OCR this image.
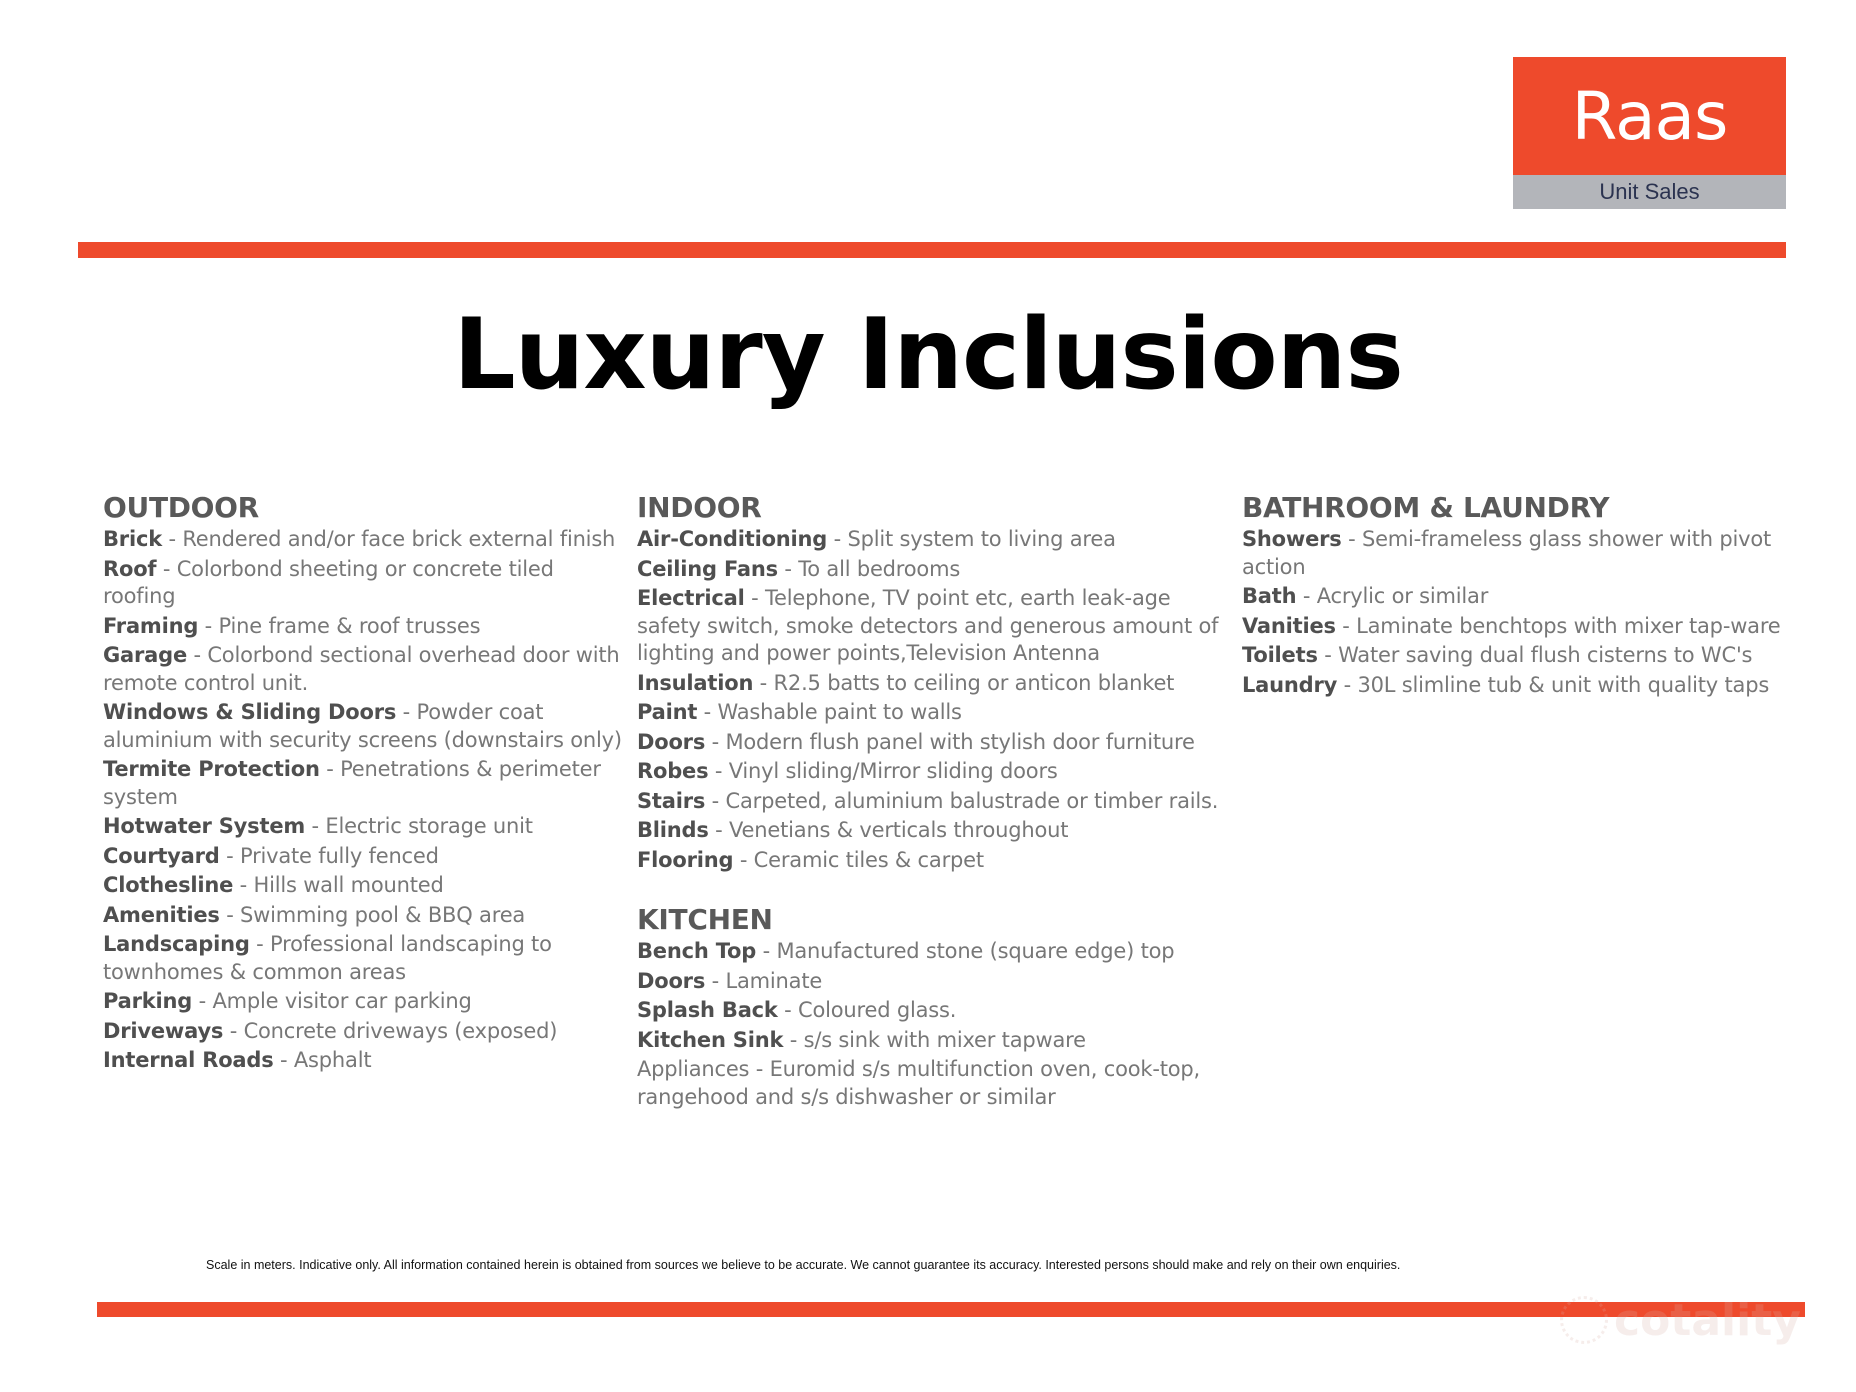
Raas
Unit Sales
Luxury Inclusions
OUTDOOR

Brick - Rendered and/or face brick external finish

Roof - Colorbond sheeting or concrete tiled roofing

Framing - Pine frame & roof trusses

Garage - Colorbond sectional overhead door with remote control unit.

Windows & Sliding Doors - Powder coat aluminium with security screens (downstairs only)

Termite Protection - Penetrations & perimeter system

Hotwater System - Electric storage unit

Courtyard - Private fully fenced

Clothesline - Hills wall mounted

Amenities - Swimming pool & BBQ area

Landscaping - Professional landscaping to townhomes & common areas

Parking - Ample visitor car parking

Driveways - Concrete driveways (exposed)

Internal Roads - Asphalt

INDOOR

Air-Conditioning - Split system to living area

Ceiling Fans - To all bedrooms

Electrical - Telephone, TV point etc, earth leak-age safety switch, smoke detectors and generous amount of lighting and power points,Television Antenna

Insulation - R2.5 batts to ceiling or anticon blanket

Paint - Washable paint to walls

Doors - Modern flush panel with stylish door furniture

Robes - Vinyl sliding/Mirror sliding doors

Stairs - Carpeted, aluminium balustrade or timber rails.

Blinds - Venetians & verticals throughout

Flooring - Ceramic tiles & carpet

KITCHEN

Bench Top - Manufactured stone (square edge) top

Doors - Laminate

Splash Back - Coloured glass.

Kitchen Sink - s/s sink with mixer tapware

Appliances - Euromid s/s multifunction oven, cook-top, rangehood and s/s dishwasher or similar

BATHROOM & LAUNDRY

Showers - Semi-frameless glass shower with pivot action

Bath - Acrylic or similar

Vanities - Laminate benchtops with mixer tap-ware

Toilets - Water saving dual flush cisterns to WC's

Laundry - 30L slimline tub & unit with quality taps

Scale in meters. Indicative only. All information contained herein is obtained from sources we believe to be accurate. We cannot guarantee its accuracy. Interested persons should make and rely on their own enquiries.
cotality
